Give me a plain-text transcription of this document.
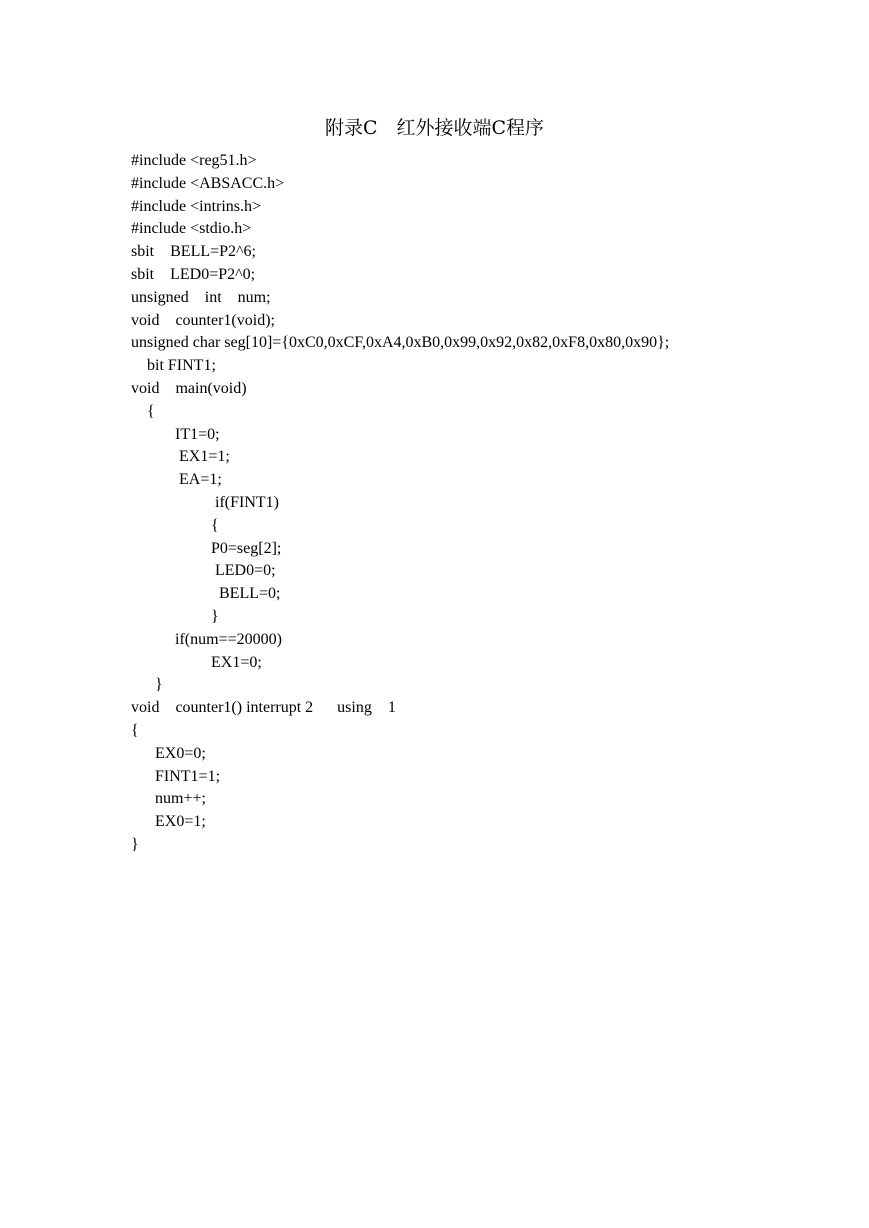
附录C　红外接收端C程序
#include <reg51.h>
#include <ABSACC.h>
#include <intrins.h>
#include <stdio.h>
sbit    BELL=P2^6;
sbit    LED0=P2^0;
unsigned    int    num;
void    counter1(void);
unsigned char seg[10]={0xC0,0xCF,0xA4,0xB0,0x99,0x92,0x82,0xF8,0x80,0x90};
bit FINT1;
void    main(void)
{
IT1=0;
EX1=1;
EA=1;
if(FINT1)
{
P0=seg[2];
LED0=0;
BELL=0;
}
if(num==20000)
EX1=0;
}
void    counter1() interrupt 2      using    1
{
EX0=0;
FINT1=1;
num++;
EX0=1;
}
